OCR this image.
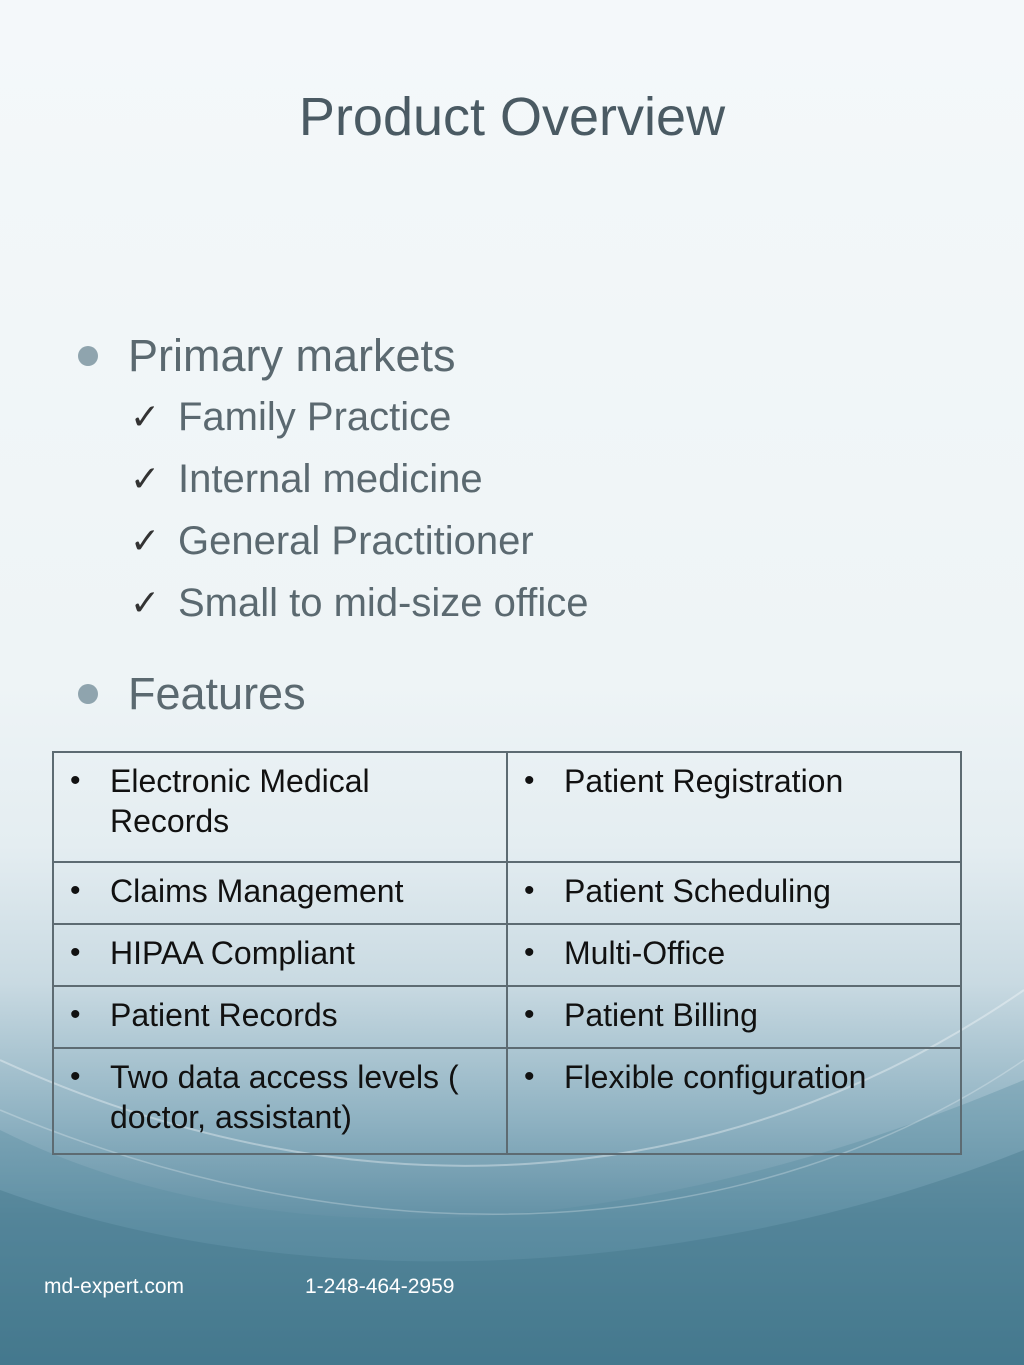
Product Overview
Primary markets
✓ Family Practice
✓ Internal medicine
✓ General Practitioner
✓ Small to mid-size office
Features
• Electronic Medical Records	• Patient Registration

• Claims Management	• Patient Scheduling

• HIPAA Compliant	• Multi-Office

• Patient Records	• Patient Billing

• Two data access levels ( doctor, assistant)	• Flexible configuration
md-expert.com	1-248-464-2959
